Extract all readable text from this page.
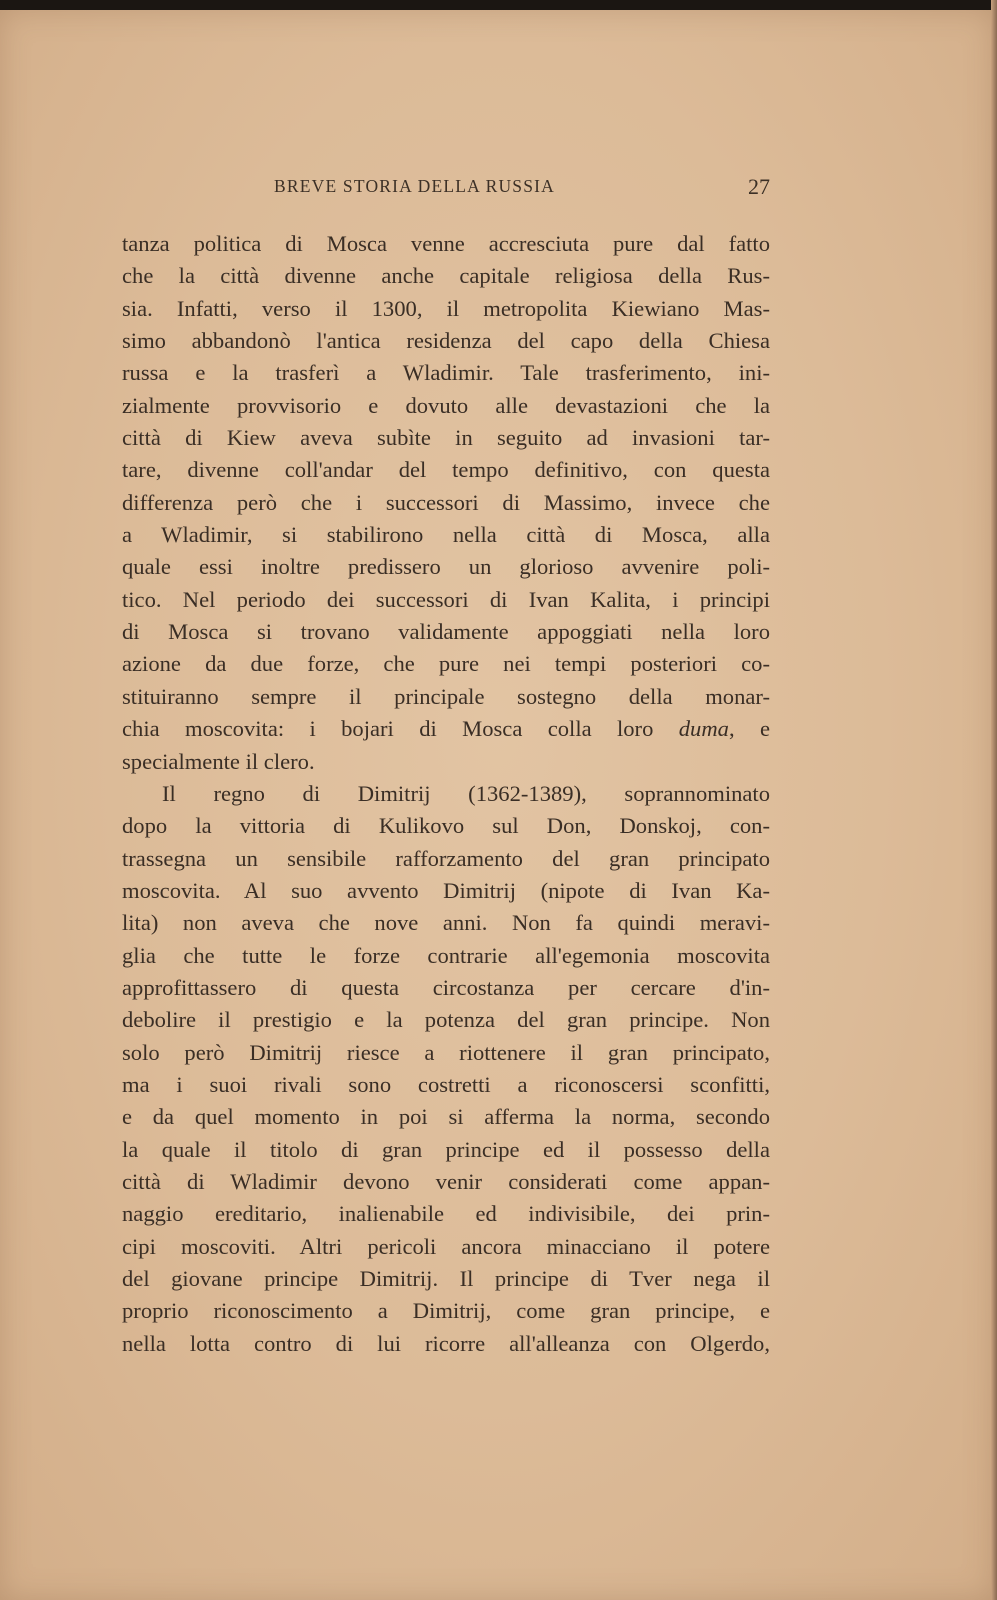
BREVE STORIA DELLA RUSSIA	27
tanza politica di Mosca venne accresciuta pure dal fatto
che la città divenne anche capitale religiosa della Rus-
sia. Infatti, verso il 1300, il metropolita Kiewiano Mas-
simo abbandonò l'antica residenza del capo della Chiesa
russa e la trasferì a Wladimir. Tale trasferimento, ini-
zialmente provvisorio e dovuto alle devastazioni che la
città di Kiew aveva subìte in seguito ad invasioni tar-
tare, divenne coll'andar del tempo definitivo, con questa
differenza però che i successori di Massimo, invece che
a Wladimir, si stabilirono nella città di Mosca, alla
quale essi inoltre predissero un glorioso avvenire poli-
tico. Nel periodo dei successori di Ivan Kalita, i principi
di Mosca si trovano validamente appoggiati nella loro
azione da due forze, che pure nei tempi posteriori co-
stituiranno sempre il principale sostegno della monar-
chia moscovita: i bojari di Mosca colla loro duma, e
specialmente il clero.
Il regno di Dimitrij (1362-1389), soprannominato
dopo la vittoria di Kulikovo sul Don, Donskoj, con-
trassegna un sensibile rafforzamento del gran principato
moscovita. Al suo avvento Dimitrij (nipote di Ivan Ka-
lita) non aveva che nove anni. Non fa quindi meravi-
glia che tutte le forze contrarie all'egemonia moscovita
approfittassero di questa circostanza per cercare d'in-
debolire il prestigio e la potenza del gran principe. Non
solo però Dimitrij riesce a riottenere il gran principato,
ma i suoi rivali sono costretti a riconoscersi sconfitti,
e da quel momento in poi si afferma la norma, secondo
la quale il titolo di gran principe ed il possesso della
città di Wladimir devono venir considerati come appan-
naggio ereditario, inalienabile ed indivisibile, dei prin-
cipi moscoviti. Altri pericoli ancora minacciano il potere
del giovane principe Dimitrij. Il principe di Tver nega il
proprio riconoscimento a Dimitrij, come gran principe, e
nella lotta contro di lui ricorre all'alleanza con Olgerdo,
